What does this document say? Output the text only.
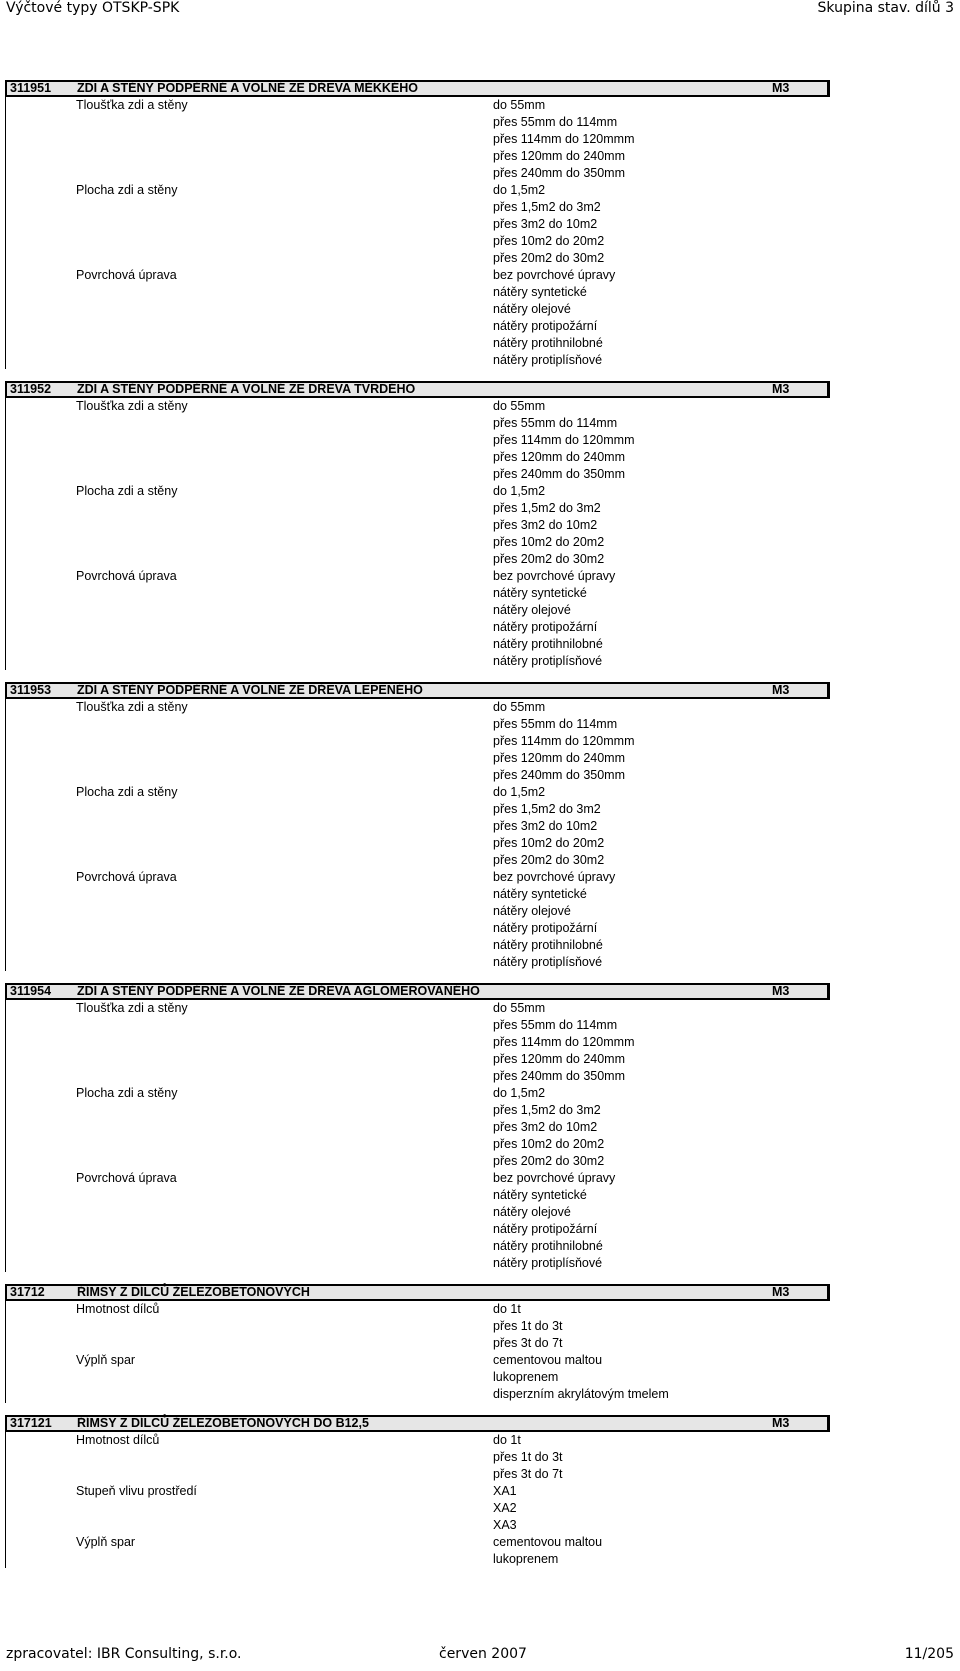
Výčtové typy OTSKP-SPK	Skupina stav. dílů 3
311951 ZDI A STĚNY PODPĚRNÉ A VOLNÉ ZE DŘEVA MĚKKÉHO	M3
Tloušťka zdi a stěny	do 55mm
přes 55mm do 114mm
přes 114mm do 120mmm
přes 120mm do 240mm
přes 240mm do 350mm
Plocha zdi a stěny	do 1,5m2
přes 1,5m2 do 3m2
přes 3m2 do 10m2
přes 10m2 do 20m2
přes 20m2 do 30m2
Povrchová úprava	bez povrchové úpravy
nátěry syntetické
nátěry olejové
nátěry protipožární
nátěry protihnilobné
nátěry protiplísňové
311952 ZDI A STĚNY PODPĚRNÉ A VOLNÉ ZE DŘEVA TVRDÉHO	M3
Tloušťka zdi a stěny	do 55mm
přes 55mm do 114mm
přes 114mm do 120mmm
přes 120mm do 240mm
přes 240mm do 350mm
Plocha zdi a stěny	do 1,5m2
přes 1,5m2 do 3m2
přes 3m2 do 10m2
přes 10m2 do 20m2
přes 20m2 do 30m2
Povrchová úprava	bez povrchové úpravy
nátěry syntetické
nátěry olejové
nátěry protipožární
nátěry protihnilobné
nátěry protiplísňové
311953 ZDI A STĚNY PODPĚRNÉ A VOLNÉ ZE DŘEVA LEPENÉHO	M3
Tloušťka zdi a stěny	do 55mm
přes 55mm do 114mm
přes 114mm do 120mmm
přes 120mm do 240mm
přes 240mm do 350mm
Plocha zdi a stěny	do 1,5m2
přes 1,5m2 do 3m2
přes 3m2 do 10m2
přes 10m2 do 20m2
přes 20m2 do 30m2
Povrchová úprava	bez povrchové úpravy
nátěry syntetické
nátěry olejové
nátěry protipožární
nátěry protihnilobné
nátěry protiplísňové
311954 ZDI A STĚNY PODPĚRNÉ A VOLNÉ ZE DŘEVA AGLOMEROVANÉHO	M3
Tloušťka zdi a stěny	do 55mm
přes 55mm do 114mm
přes 114mm do 120mmm
přes 120mm do 240mm
přes 240mm do 350mm
Plocha zdi a stěny	do 1,5m2
přes 1,5m2 do 3m2
přes 3m2 do 10m2
přes 10m2 do 20m2
přes 20m2 do 30m2
Povrchová úprava	bez povrchové úpravy
nátěry syntetické
nátěry olejové
nátěry protipožární
nátěry protihnilobné
nátěry protiplísňové
31712	ŘÍMSY Z DÍLCŮ ŽELEZOBETONOVÝCH	M3
Hmotnost dílců	do 1t
přes 1t do 3t
přes 3t do 7t
Výplň spar	cementovou maltou
lukoprenem
disperzním akrylátovým tmelem
317121 ŘÍMSY Z DÍLCŮ ŽELEZOBETONOVÝCH DO B12,5	M3
Hmotnost dílců	do 1t
přes 1t do 3t
přes 3t do 7t
Stupeň vlivu prostředí	XA1
XA2
XA3
Výplň spar	cementovou maltou
lukoprenem
zpracovatel: IBR Consulting, s.r.o.	červen 2007	11/205
